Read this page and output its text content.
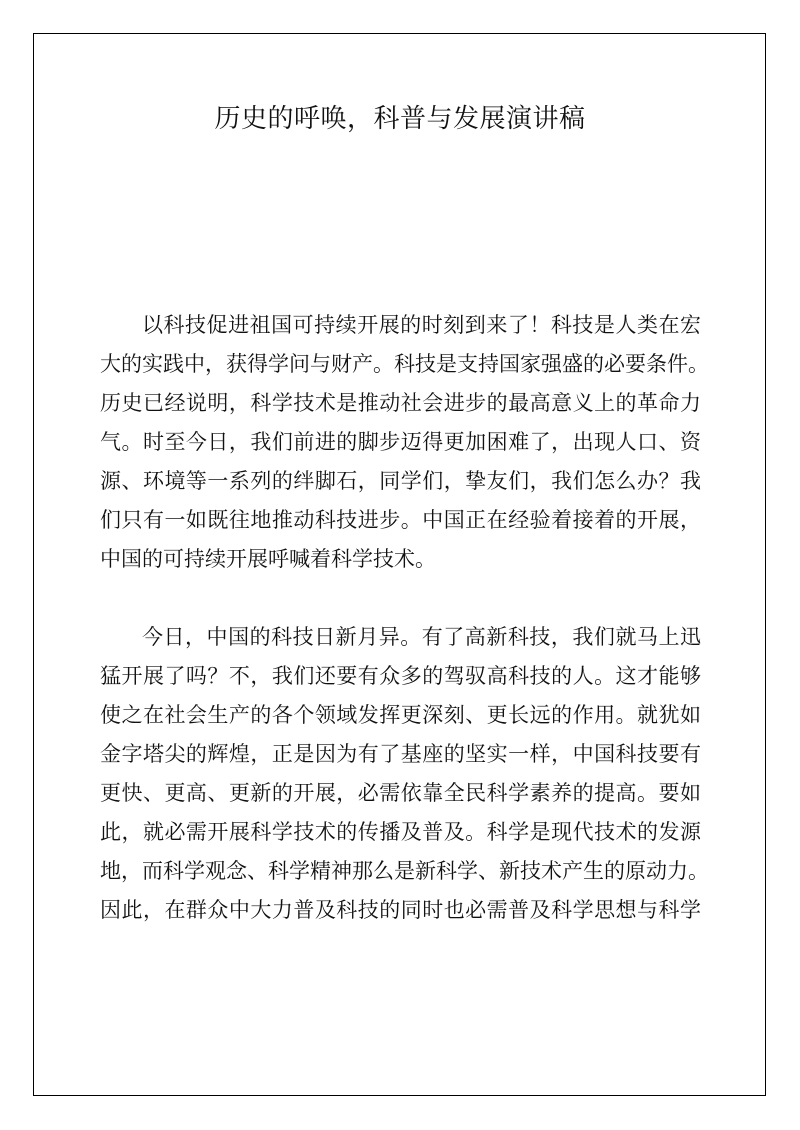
历史的呼唤，科普与发展演讲稿
以科技促进祖国可持续开展的时刻到来了！科技是人类在宏
大的实践中，获得学问与财产。科技是支持国家强盛的必要条件。
历史已经说明，科学技术是推动社会进步的最高意义上的革命力
气。时至今日，我们前进的脚步迈得更加困难了，出现人口、资
源、环境等一系列的绊脚石，同学们，挚友们，我们怎么办？我
们只有一如既往地推动科技进步。中国正在经验着接着的开展，
中国的可持续开展呼喊着科学技术。
今日，中国的科技日新月异。有了高新科技，我们就马上迅
猛开展了吗？不，我们还要有众多的驾驭高科技的人。这才能够
使之在社会生产的各个领域发挥更深刻、更长远的作用。就犹如
金字塔尖的辉煌，正是因为有了基座的坚实一样，中国科技要有
更快、更高、更新的开展，必需依靠全民科学素养的提高。要如
此，就必需开展科学技术的传播及普及。科学是现代技术的发源
地，而科学观念、科学精神那么是新科学、新技术产生的原动力。
因此，在群众中大力普及科技的同时也必需普及科学思想与科学
